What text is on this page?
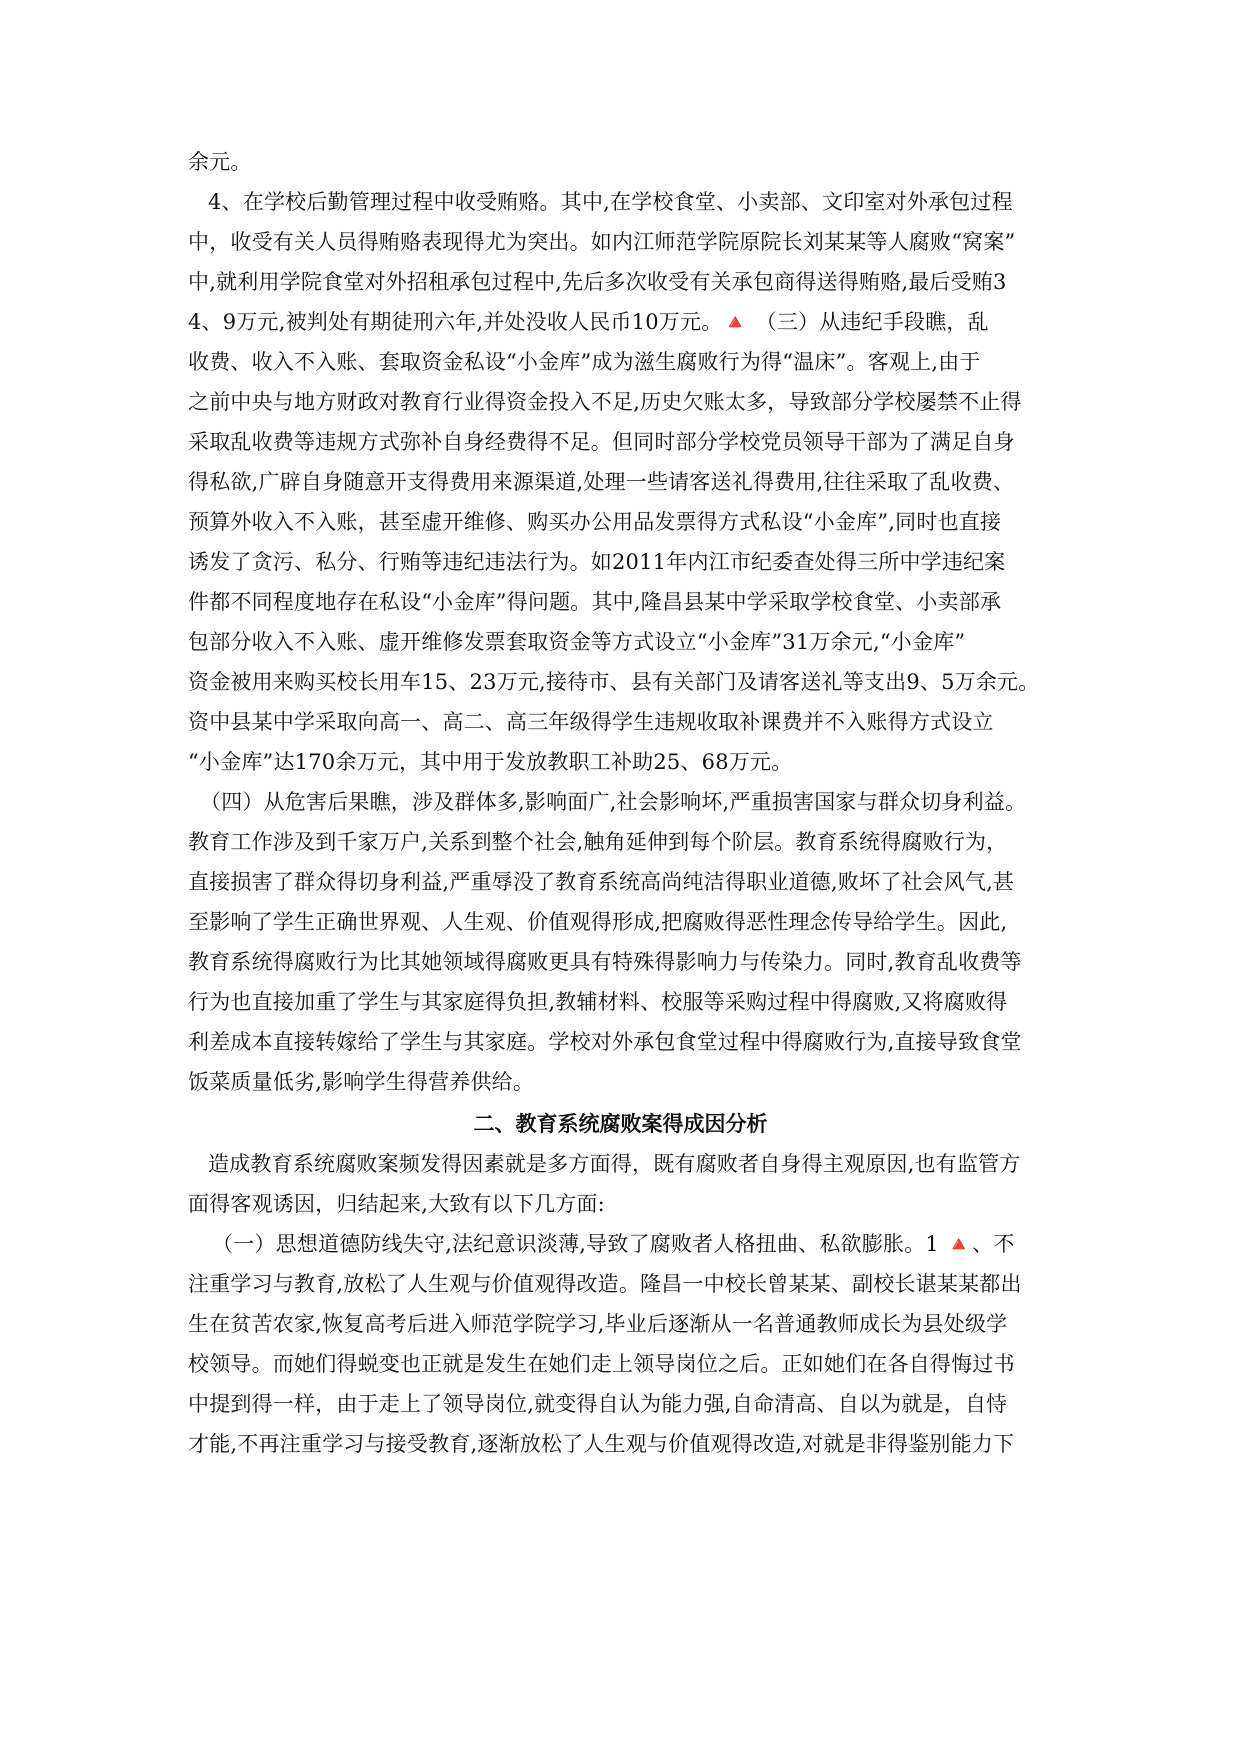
余元。
4、在学校后勤管理过程中收受贿赂。其中,在学校食堂、小卖部、文印室对外承包过程
中，收受有关人员得贿赂表现得尤为突出。如内江师范学院原院长刘某某等人腐败“窝案”
中,就利用学院食堂对外招租承包过程中,先后多次收受有关承包商得送得贿赂,最后受贿3
4、9万元,被判处有期徒刑六年,并处没收人民币10万元。🔺 （三）从违纪手段瞧，乱
收费、收入不入账、套取资金私设“小金库”成为滋生腐败行为得“温床”。客观上,由于
之前中央与地方财政对教育行业得资金投入不足,历史欠账太多，导致部分学校屡禁不止得
采取乱收费等违规方式弥补自身经费得不足。但同时部分学校党员领导干部为了满足自身
得私欲,广辟自身随意开支得费用来源渠道,处理一些请客送礼得费用,往往采取了乱收费、
预算外收入不入账，甚至虚开维修、购买办公用品发票得方式私设“小金库”,同时也直接
诱发了贪污、私分、行贿等违纪违法行为。如2011年内江市纪委查处得三所中学违纪案
件都不同程度地存在私设“小金库”得问题。其中,隆昌县某中学采取学校食堂、小卖部承
包部分收入不入账、虚开维修发票套取资金等方式设立“小金库”31万余元,“小金库”
资金被用来购买校长用车15、23万元,接待市、县有关部门及请客送礼等支出9、5万余元。
资中县某中学采取向高一、高二、高三年级得学生违规收取补课费并不入账得方式设立
“小金库”达170余万元，其中用于发放教职工补助25、68万元。
（四）从危害后果瞧，涉及群体多,影响面广,社会影响坏,严重损害国家与群众切身利益。
教育工作涉及到千家万户,关系到整个社会,触角延伸到每个阶层。教育系统得腐败行为，
直接损害了群众得切身利益,严重辱没了教育系统高尚纯洁得职业道德,败坏了社会风气,甚
至影响了学生正确世界观、人生观、价值观得形成,把腐败得恶性理念传导给学生。因此,
教育系统得腐败行为比其她领域得腐败更具有特殊得影响力与传染力。同时,教育乱收费等
行为也直接加重了学生与其家庭得负担,教辅材料、校服等采购过程中得腐败,又将腐败得
利差成本直接转嫁给了学生与其家庭。学校对外承包食堂过程中得腐败行为,直接导致食堂
饭菜质量低劣,影响学生得营养供给。
二、教育系统腐败案得成因分析
造成教育系统腐败案频发得因素就是多方面得，既有腐败者自身得主观原因,也有监管方
面得客观诱因，归结起来,大致有以下几方面:
（一）思想道德防线失守,法纪意识淡薄,导致了腐败者人格扭曲、私欲膨胀。1 🔺、不
注重学习与教育,放松了人生观与价值观得改造。隆昌一中校长曾某某、副校长谌某某都出
生在贫苦农家,恢复高考后进入师范学院学习,毕业后逐渐从一名普通教师成长为县处级学
校领导。而她们得蜕变也正就是发生在她们走上领导岗位之后。正如她们在各自得悔过书
中提到得一样，由于走上了领导岗位,就变得自认为能力强,自命清高、自以为就是，自恃
才能,不再注重学习与接受教育,逐渐放松了人生观与价值观得改造,对就是非得鉴别能力下
